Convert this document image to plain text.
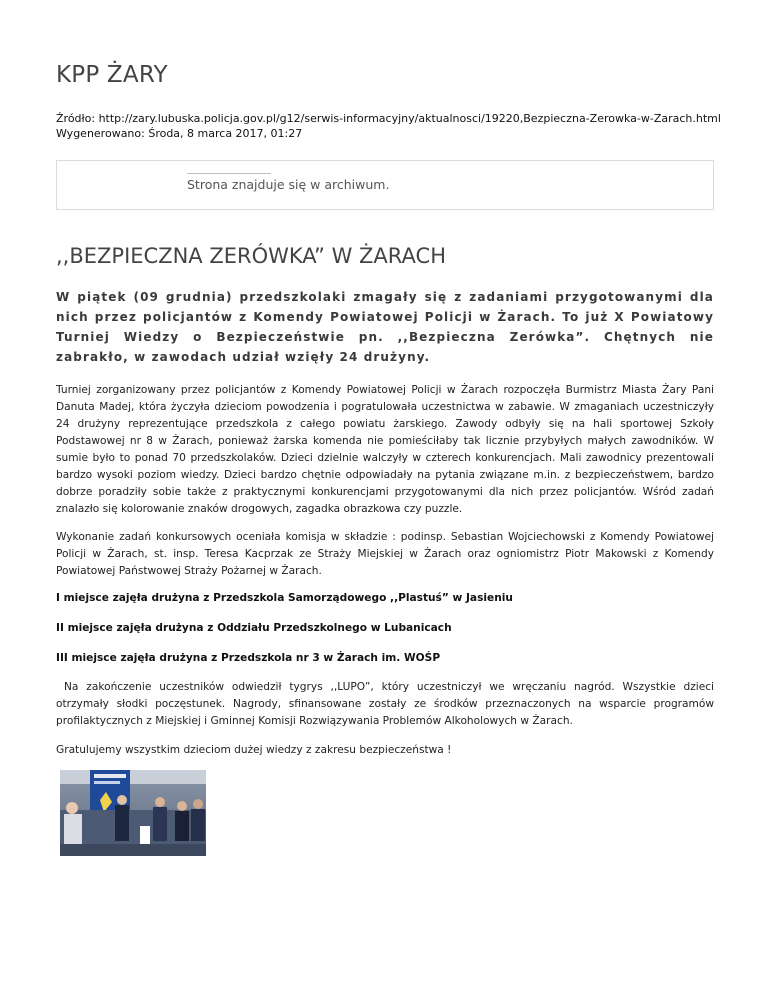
KPP ŻARY
Źródło: http://zary.lubuska.policja.gov.pl/g12/serwis-informacyjny/aktualnosci/19220,Bezpieczna-Zerowka-w-Zarach.html
Wygenerowano: Środa, 8 marca 2017, 01:27
Strona znajduje się w archiwum.
,,BEZPIECZNA ZERÓWKA” W ŻARACH

W piątek (09 grudnia) przedszkolaki zmagały się z zadaniami przygotowanymi dla nich przez policjantów z Komendy Powiatowej Policji w Żarach. To już X Powiatowy Turniej Wiedzy o Bezpieczeństwie pn. ,,Bezpieczna Zerówka”. Chętnych nie zabrakło, w zawodach udział wzięły 24 drużyny.

Turniej zorganizowany przez policjantów z Komendy Powiatowej Policji w Żarach rozpoczęła Burmistrz Miasta Żary Pani Danuta Madej, która życzyła dzieciom powodzenia i pogratulowała uczestnictwa w zabawie. W zmaganiach uczestniczyły 24 drużyny reprezentujące przedszkola z całego powiatu żarskiego. Zawody odbyły się na hali sportowej Szkoły Podstawowej nr 8 w Żarach, ponieważ żarska komenda nie pomieściłaby tak licznie przybyłych małych zawodników. W sumie było to ponad 70 przedszkolaków. Dzieci dzielnie walczyły w czterech konkurencjach. Mali zawodnicy prezentowali bardzo wysoki poziom wiedzy. Dzieci bardzo chętnie odpowiadały na pytania związane m.in. z bezpieczeństwem, bardzo dobrze poradziły sobie także z praktycznymi konkurencjami przygotowanymi dla nich przez policjantów. Wśród zadań znalazło się kolorowanie znaków drogowych, zagadka obrazkowa czy puzzle.

Wykonanie zadań konkursowych oceniała komisja w składzie : podinsp. Sebastian Wojciechowski z Komendy Powiatowej Policji w Żarach, st. insp. Teresa Kacprzak ze Straży Miejskiej w Żarach oraz ogniomistrz Piotr Makowski z Komendy Powiatowej Państwowej Straży Pożarnej w Żarach.

I miejsce zajęła drużyna z Przedszkola Samorządowego ,,Plastuś” w Jasieniu

II miejsce zajęła drużyna z Oddziału Przedszkolnego w Lubanicach

III miejsce zajęła drużyna z Przedszkola nr 3 w Żarach im. WOŚP

Na zakończenie uczestników odwiedził tygrys ,,LUPO”, który uczestniczył we wręczaniu nagród. Wszystkie dzieci otrzymały słodki poczęstunek. Nagrody, sfinansowane zostały ze środków przeznaczonych na wsparcie programów profilaktycznych z Miejskiej i Gminnej Komisji Rozwiązywania Problemów Alkoholowych w Żarach.

Gratulujemy wszystkim dzieciom dużej wiedzy z zakresu bezpieczeństwa !
